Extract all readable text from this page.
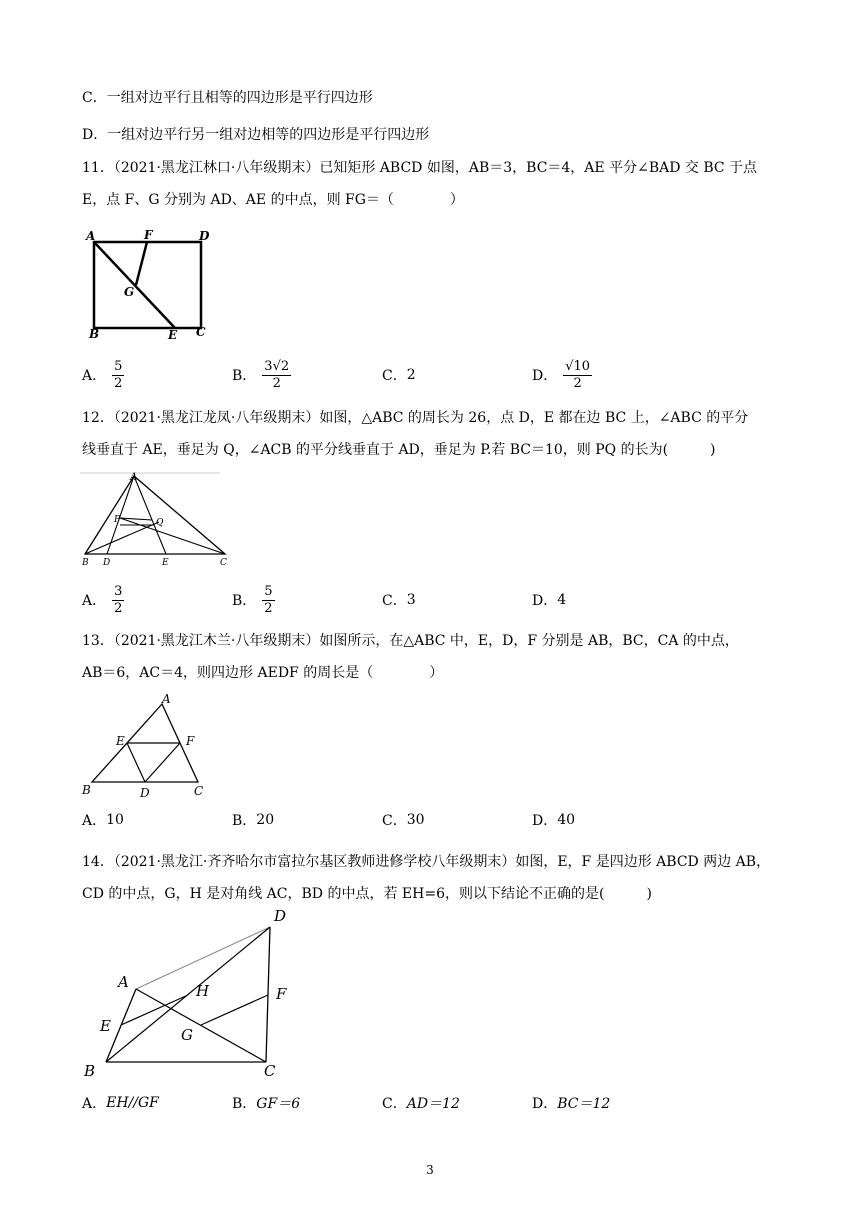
C．一组对边平行且相等的四边形是平行四边形
D．一组对边平行另一组对边相等的四边形是平行四边形
11．（2021·黑龙江林口·八年级期末）已知矩形 ABCD 如图，AB＝3，BC＝4，AE 平分∠BAD 交 BC 于点
E，点 F、G 分别为 AD、AE 的中点，则 FG＝（　　　　）
A	F	D
G
B	E C
A． $\frac{5}{2}$	B． $\frac{3√2}{2}$	C． 2	D． $\frac{√10}{2}$
12．（2021·黑龙江龙凤·八年级期末）如图，△ABC 的周长为 26，点 D，E 都在边 BC 上，∠ABC 的平分
线垂直于 AE，垂足为 Q，∠ACB 的平分线垂直于 AD，垂足为 P.若 BC＝10，则 PQ 的长为(　　　)
A
P	Q
B D	E	C
A． $\frac{3}{2}$	B． $\frac{5}{2}$	C． 3	D． 4
13．（2021·黑龙江木兰·八年级期末）如图所示，在△ABC 中，E，D，F 分别是 AB，BC，CA 的中点，
AB＝6，AC＝4，则四边形 AEDF 的周长是（　　　　）
A
E	F
B	D	C
A． 10	B． 20	C． 30	D． 40
14．（2021·黑龙江·齐齐哈尔市富拉尔基区教师进修学校八年级期末）如图，E，F 是四边形 ABCD 两边 AB，
CD 的中点，G，H 是对角线 AC，BD 的中点，若 EH=6，则以下结论不正确的是(　　　)
D
A	H	F
E	G
B	C
A． EH//GF	B． GF＝6	C． AD＝12	D． BC＝12
3
